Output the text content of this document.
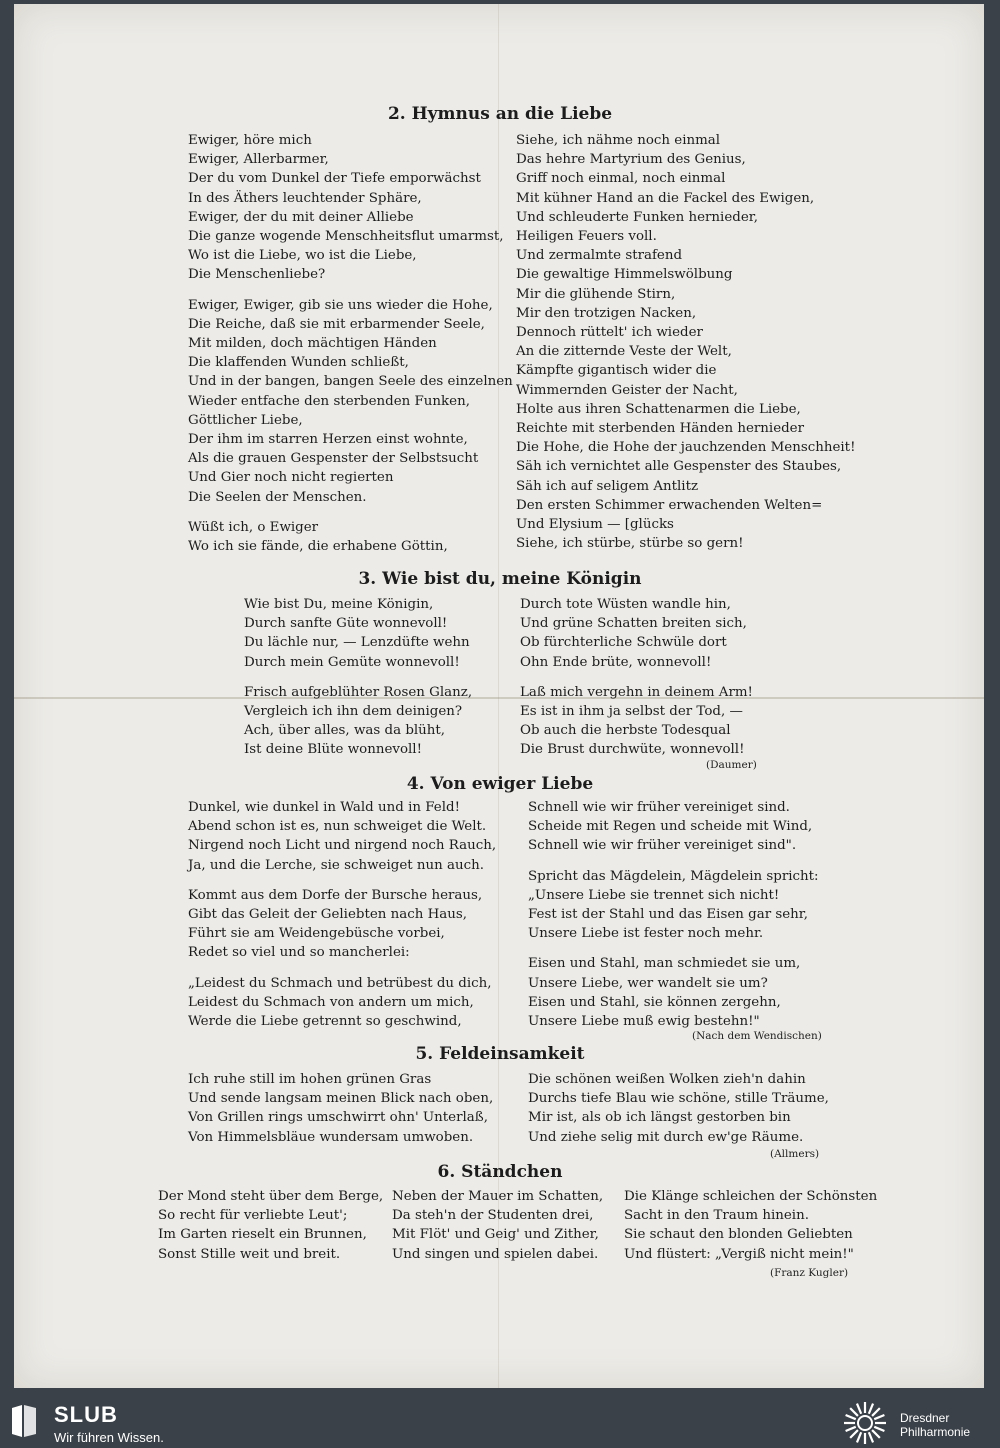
2. Hymnus an die Liebe
Ewiger, höre mich
Ewiger, Allerbarmer,
Der du vom Dunkel der Tiefe emporwächst
In des Äthers leuchtender Sphäre,
Ewiger, der du mit deiner Alliebe
Die ganze wogende Menschheitsflut umarmst,
Wo ist die Liebe, wo ist die Liebe,
Die Menschenliebe?
Ewiger, Ewiger, gib sie uns wieder die Hohe,
Die Reiche, daß sie mit erbarmender Seele,
Mit milden, doch mächtigen Händen
Die klaffenden Wunden schließt,
Und in der bangen, bangen Seele des einzelnen
Wieder entfache den sterbenden Funken,
Göttlicher Liebe,
Der ihm im starren Herzen einst wohnte,
Als die grauen Gespenster der Selbstsucht
Und Gier noch nicht regierten
Die Seelen der Menschen.
Wüßt ich, o Ewiger
Wo ich sie fände, die erhabene Göttin,
Siehe, ich nähme noch einmal
Das hehre Martyrium des Genius,
Griff noch einmal, noch einmal
Mit kühner Hand an die Fackel des Ewigen,
Und schleuderte Funken hernieder,
Heiligen Feuers voll.
Und zermalmte strafend
Die gewaltige Himmelswölbung
Mir die glühende Stirn,
Mir den trotzigen Nacken,
Dennoch rüttelt' ich wieder
An die zitternde Veste der Welt,
Kämpfte gigantisch wider die
Wimmernden Geister der Nacht,
Holte aus ihren Schattenarmen die Liebe,
Reichte mit sterbenden Händen hernieder
Die Hohe, die Hohe der jauchzenden Menschheit!
Säh ich vernichtet alle Gespenster des Staubes,
Säh ich auf seligem Antlitz
Den ersten Schimmer erwachenden Welten=
Und Elysium — [glücks
Siehe, ich stürbe, stürbe so gern!
3. Wie bist du, meine Königin
Wie bist Du, meine Königin,
Durch sanfte Güte wonnevoll!
Du lächle nur, — Lenzdüfte wehn
Durch mein Gemüte wonnevoll!
Frisch aufgeblühter Rosen Glanz,
Vergleich ich ihn dem deinigen?
Ach, über alles, was da blüht,
Ist deine Blüte wonnevoll!
Durch tote Wüsten wandle hin,
Und grüne Schatten breiten sich,
Ob fürchterliche Schwüle dort
Ohn Ende brüte, wonnevoll!
Laß mich vergehn in deinem Arm!
Es ist in ihm ja selbst der Tod, —
Ob auch die herbste Todesqual
Die Brust durchwüte, wonnevoll!
(Daumer)
4. Von ewiger Liebe
Dunkel, wie dunkel in Wald und in Feld!
Abend schon ist es, nun schweiget die Welt.
Nirgend noch Licht und nirgend noch Rauch,
Ja, und die Lerche, sie schweiget nun auch.
Kommt aus dem Dorfe der Bursche heraus,
Gibt das Geleit der Geliebten nach Haus,
Führt sie am Weidengebüsche vorbei,
Redet so viel und so mancherlei:
„Leidest du Schmach und betrübest du dich,
Leidest du Schmach von andern um mich,
Werde die Liebe getrennt so geschwind,
Schnell wie wir früher vereiniget sind.
Scheide mit Regen und scheide mit Wind,
Schnell wie wir früher vereiniget sind".
Spricht das Mägdelein, Mägdelein spricht:
„Unsere Liebe sie trennet sich nicht!
Fest ist der Stahl und das Eisen gar sehr,
Unsere Liebe ist fester noch mehr.
Eisen und Stahl, man schmiedet sie um,
Unsere Liebe, wer wandelt sie um?
Eisen und Stahl, sie können zergehn,
Unsere Liebe muß ewig bestehn!"
(Nach dem Wendischen)
5. Feldeinsamkeit
Ich ruhe still im hohen grünen Gras
Und sende langsam meinen Blick nach oben,
Von Grillen rings umschwirrt ohn' Unterlaß,
Von Himmelsbläue wundersam umwoben.
Die schönen weißen Wolken zieh'n dahin
Durchs tiefe Blau wie schöne, stille Träume,
Mir ist, als ob ich längst gestorben bin
Und ziehe selig mit durch ew'ge Räume.
(Allmers)
6. Ständchen
Der Mond steht über dem Berge,
So recht für verliebte Leut';
Im Garten rieselt ein Brunnen,
Sonst Stille weit und breit.
Neben der Mauer im Schatten,
Da steh'n der Studenten drei,
Mit Flöt' und Geig' und Zither,
Und singen und spielen dabei.
Die Klänge schleichen der Schönsten
Sacht in den Traum hinein.
Sie schaut den blonden Geliebten
Und flüstert: „Vergiß nicht mein!"
(Franz Kugler)
SLUB
Wir führen Wissen.
Dresdner
Philharmonie
